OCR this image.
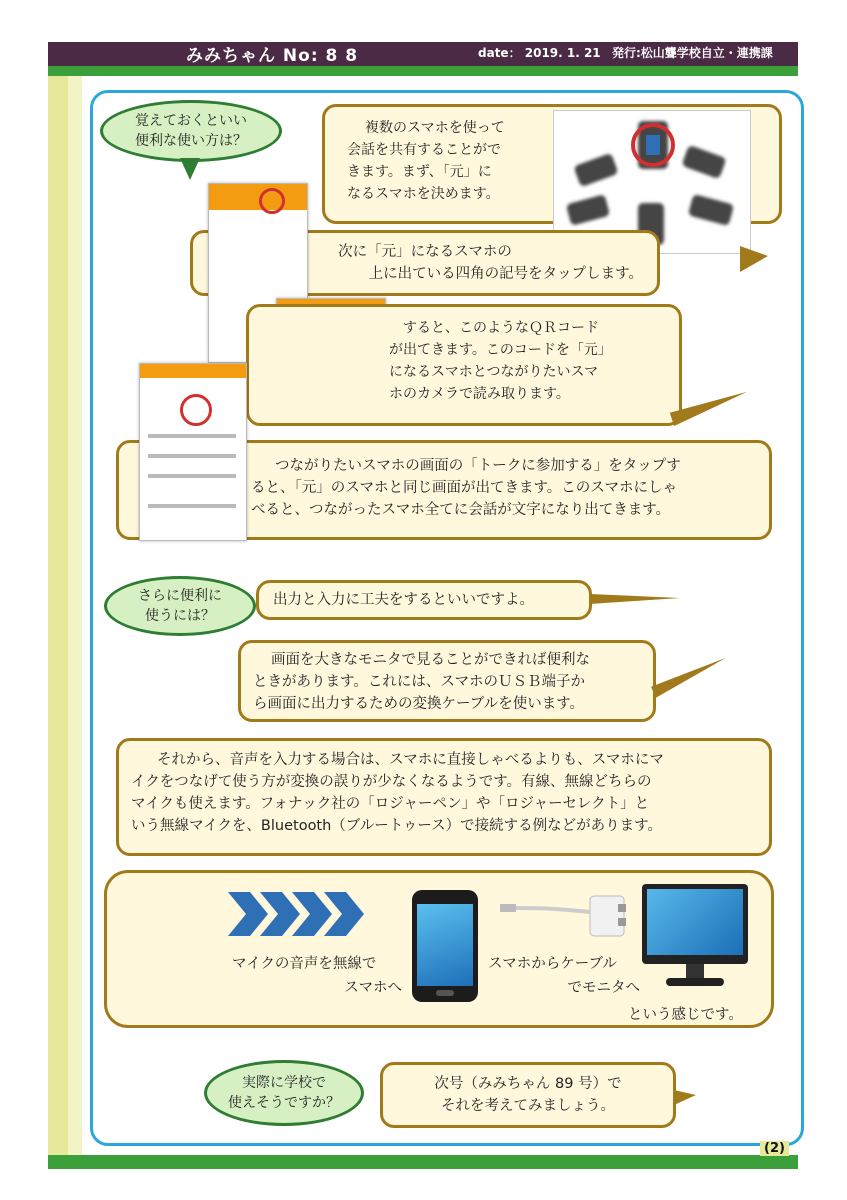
みみちゃん No: 8 8	date： 2019. 1. 21 発行:松山聾学校自立・連携課
覚えておくといい
便利な使い方は？
複数のスマホを使って
会話を共有することがで
きます。まず、「元」に
なるスマホを決めます。
次に「元」になるスマホの
上に出ている四角の記号をタップします。
すると、このようなＱＲコード
が出てきます。このコードを「元」
になるスマホとつながりたいスマ
ホのカメラで読み取ります。
つながりたいスマホの画面の「トークに参加する」をタップす
ると、「元」のスマホと同じ画面が出てきます。このスマホにしゃ
べると、つながったスマホ全てに会話が文字になり出てきます。
さらに便利に
使うには？
出力と入力に工夫をするといいですよ。
画面を大きなモニタで見ることができれば便利な
ときがあります。これには、スマホのＵＳＢ端子か
ら画面に出力するための変換ケーブルを使います。
それから、音声を入力する場合は、スマホに直接しゃべるよりも、スマホにマ
イクをつなげて使う方が変換の誤りが少なくなるようです。有線、無線どちらの
マイクも使えます。フォナック社の「ロジャーペン」や「ロジャーセレクト」と
いう無線マイクを、Bluetooth（ブルートゥース）で接続する例などがあります。
マイクの音声を無線で
スマホへ
スマホからケーブル
でモニタへ
という感じです。
実際に学校で
使えそうですか？
次号（みみちゃん 89 号）で
それを考えてみましょう。
(2)
